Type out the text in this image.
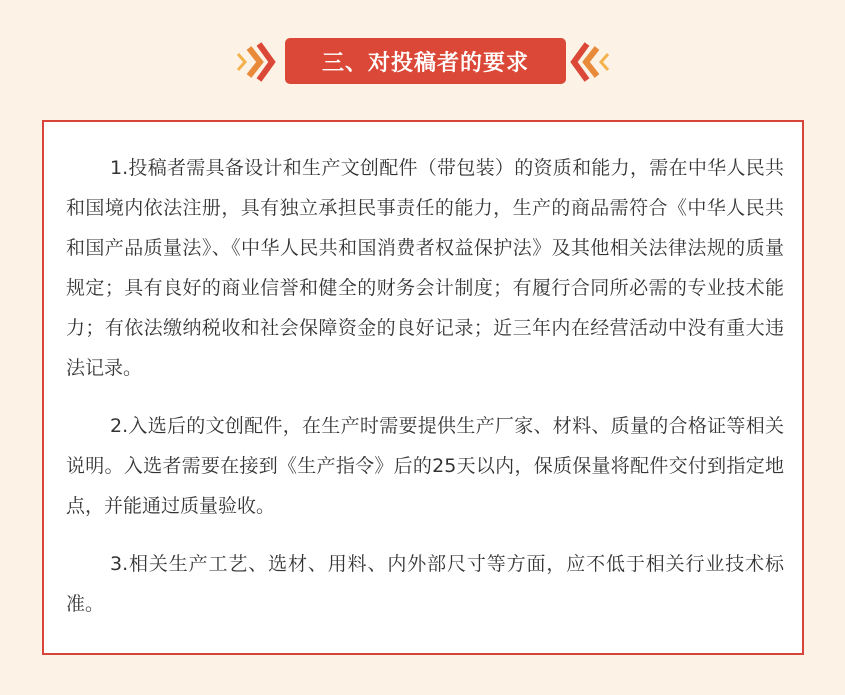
三、对投稿者的要求

1.投稿者需具备设计和生产文创配件（带包装）的资质和能力，需在中华人民共和国境内依法注册，具有独立承担民事责任的能力，生产的商品需符合《中华人民共和国产品质量法》、《中华人民共和国消费者权益保护法》及其他相关法律法规的质量规定；具有良好的商业信誉和健全的财务会计制度；有履行合同所必需的专业技术能力；有依法缴纳税收和社会保障资金的良好记录；近三年内在经营活动中没有重大违法记录。

2.入选后的文创配件，在生产时需要提供生产厂家、材料、质量的合格证等相关说明。入选者需要在接到《生产指令》后的25天以内，保质保量将配件交付到指定地点，并能通过质量验收。

3.相关生产工艺、选材、用料、内外部尺寸等方面，应不低于相关行业技术标准。
